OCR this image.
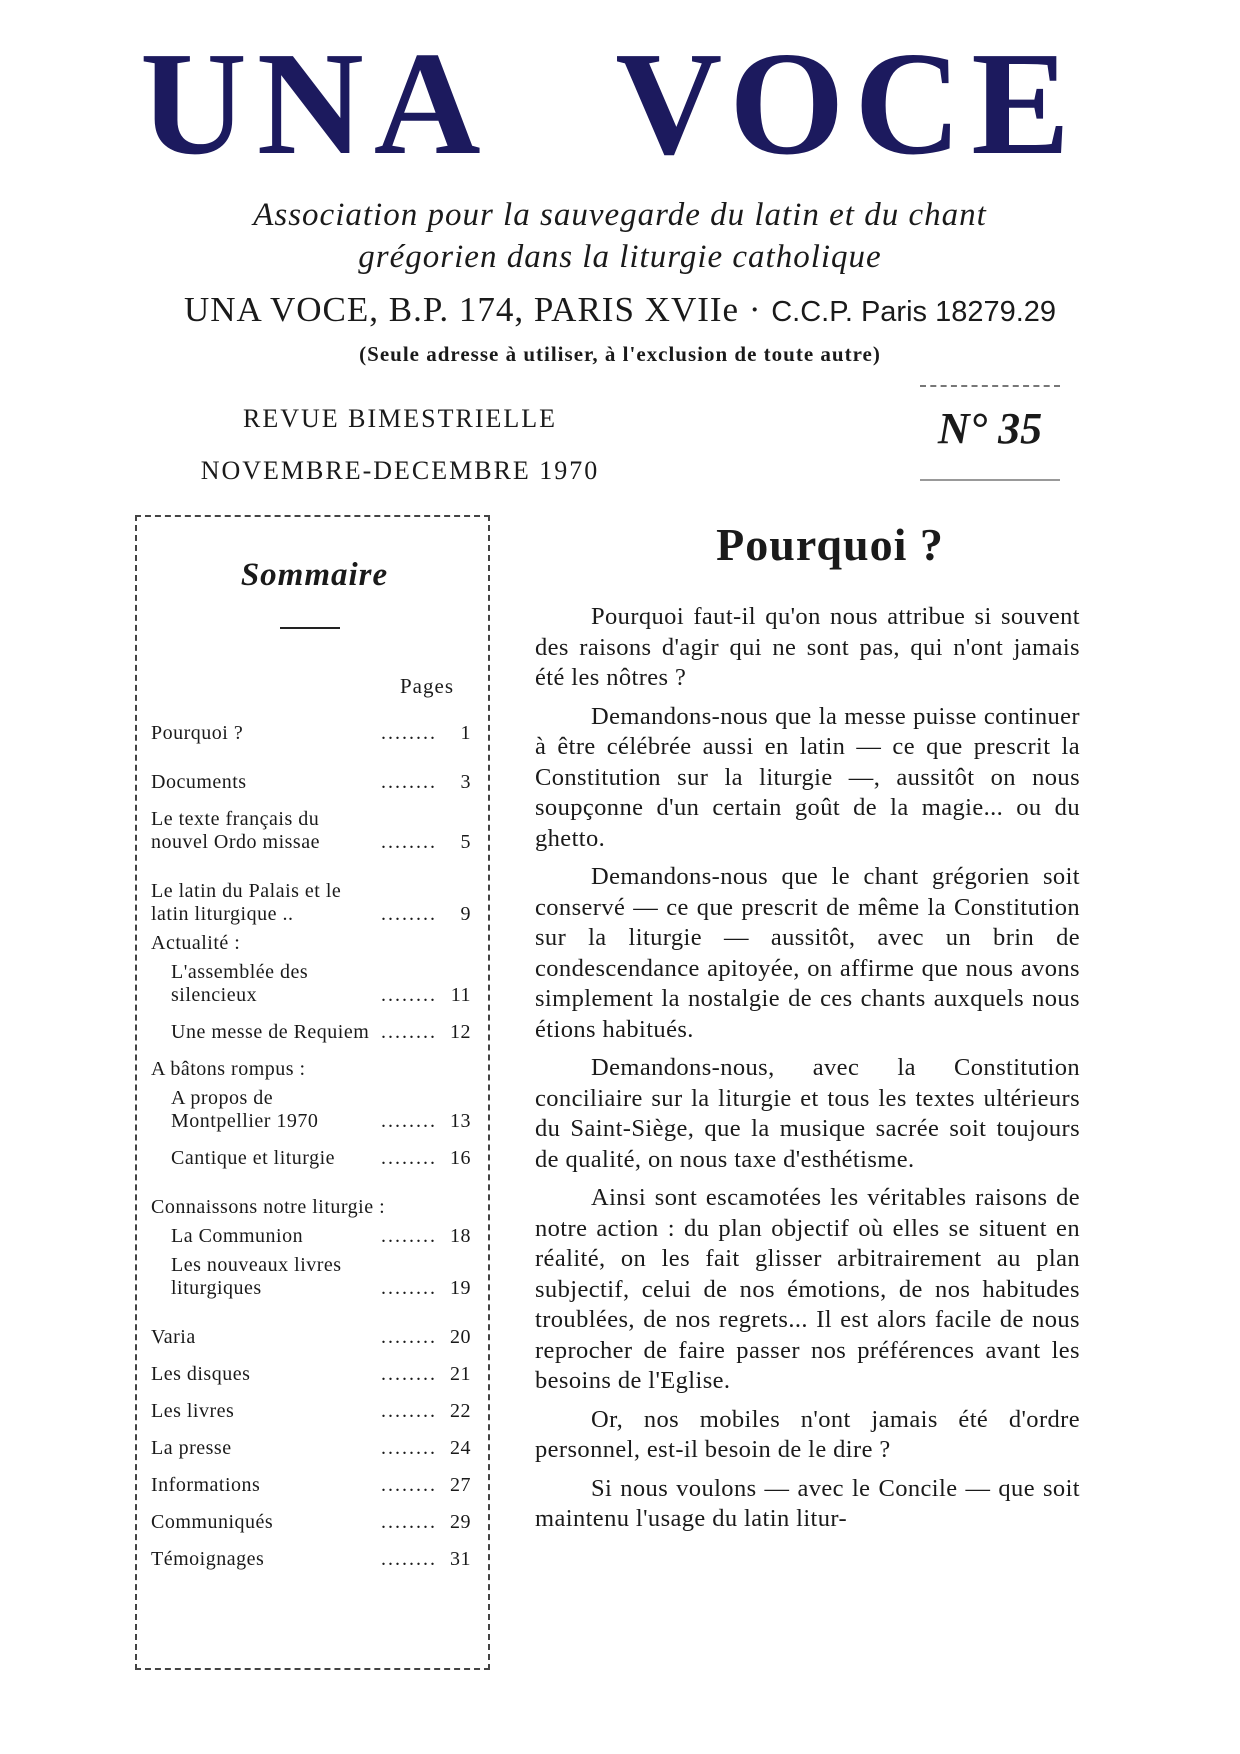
UNA VOCE
Association pour la sauvegarde du latin et du chant
grégorien dans la liturgie catholique
UNA VOCE, B.P. 174, PARIS XVIIe · C.C.P. Paris 18279.29
(Seule adresse à utiliser, à l'exclusion de toute autre)
REVUE BIMESTRIELLE
NOVEMBRE-DECEMBRE 1970
N° 35
Sommaire
Pages
Pourquoi ?	........	1
Documents	........	3
Le texte français du nouvel Ordo missae	........	5
Le latin du Palais et le latin liturgique ..	........	9
Actualité :
L'assemblée des silencieux	........ 11
Une messe de Requiem ........ 12
A bâtons rompus :
A propos de Montpellier 1970	........ 13
Cantique et liturgie	........ 16
Connaissons notre liturgie :
La Communion	........ 18
Les nouveaux livres liturgiques	........ 19
Varia	........ 20
Les disques	........ 21
Les livres	........ 22
La presse	........ 24
Informations	........ 27
Communiqués	........ 29
Témoignages	........ 31
Pourquoi ?

Pourquoi faut-il qu'on nous attribue si souvent des raisons d'agir qui ne sont pas, qui n'ont jamais été les nôtres ?

Demandons-nous que la messe puisse continuer à être célébrée aussi en latin — ce que prescrit la Constitution sur la liturgie —, aussitôt on nous soupçonne d'un certain goût de la magie... ou du ghetto.

Demandons-nous que le chant grégorien soit conservé — ce que prescrit de même la Constitution sur la liturgie — aussitôt, avec un brin de condescendance apitoyée, on affirme que nous avons simplement la nostalgie de ces chants auxquels nous étions habitués.

Demandons-nous, avec la Constitution conciliaire sur la liturgie et tous les textes ultérieurs du Saint-Siège, que la musique sacrée soit toujours de qualité, on nous taxe d'esthétisme.

Ainsi sont escamotées les véritables raisons de notre action : du plan objectif où elles se situent en réalité, on les fait glisser arbitrairement au plan subjectif, celui de nos émotions, de nos habitudes troublées, de nos regrets... Il est alors facile de nous reprocher de faire passer nos préférences avant les besoins de l'Eglise.

Or, nos mobiles n'ont jamais été d'ordre personnel, est-il besoin de le dire ?

Si nous voulons — avec le Concile — que soit maintenu l'usage du latin litur-
